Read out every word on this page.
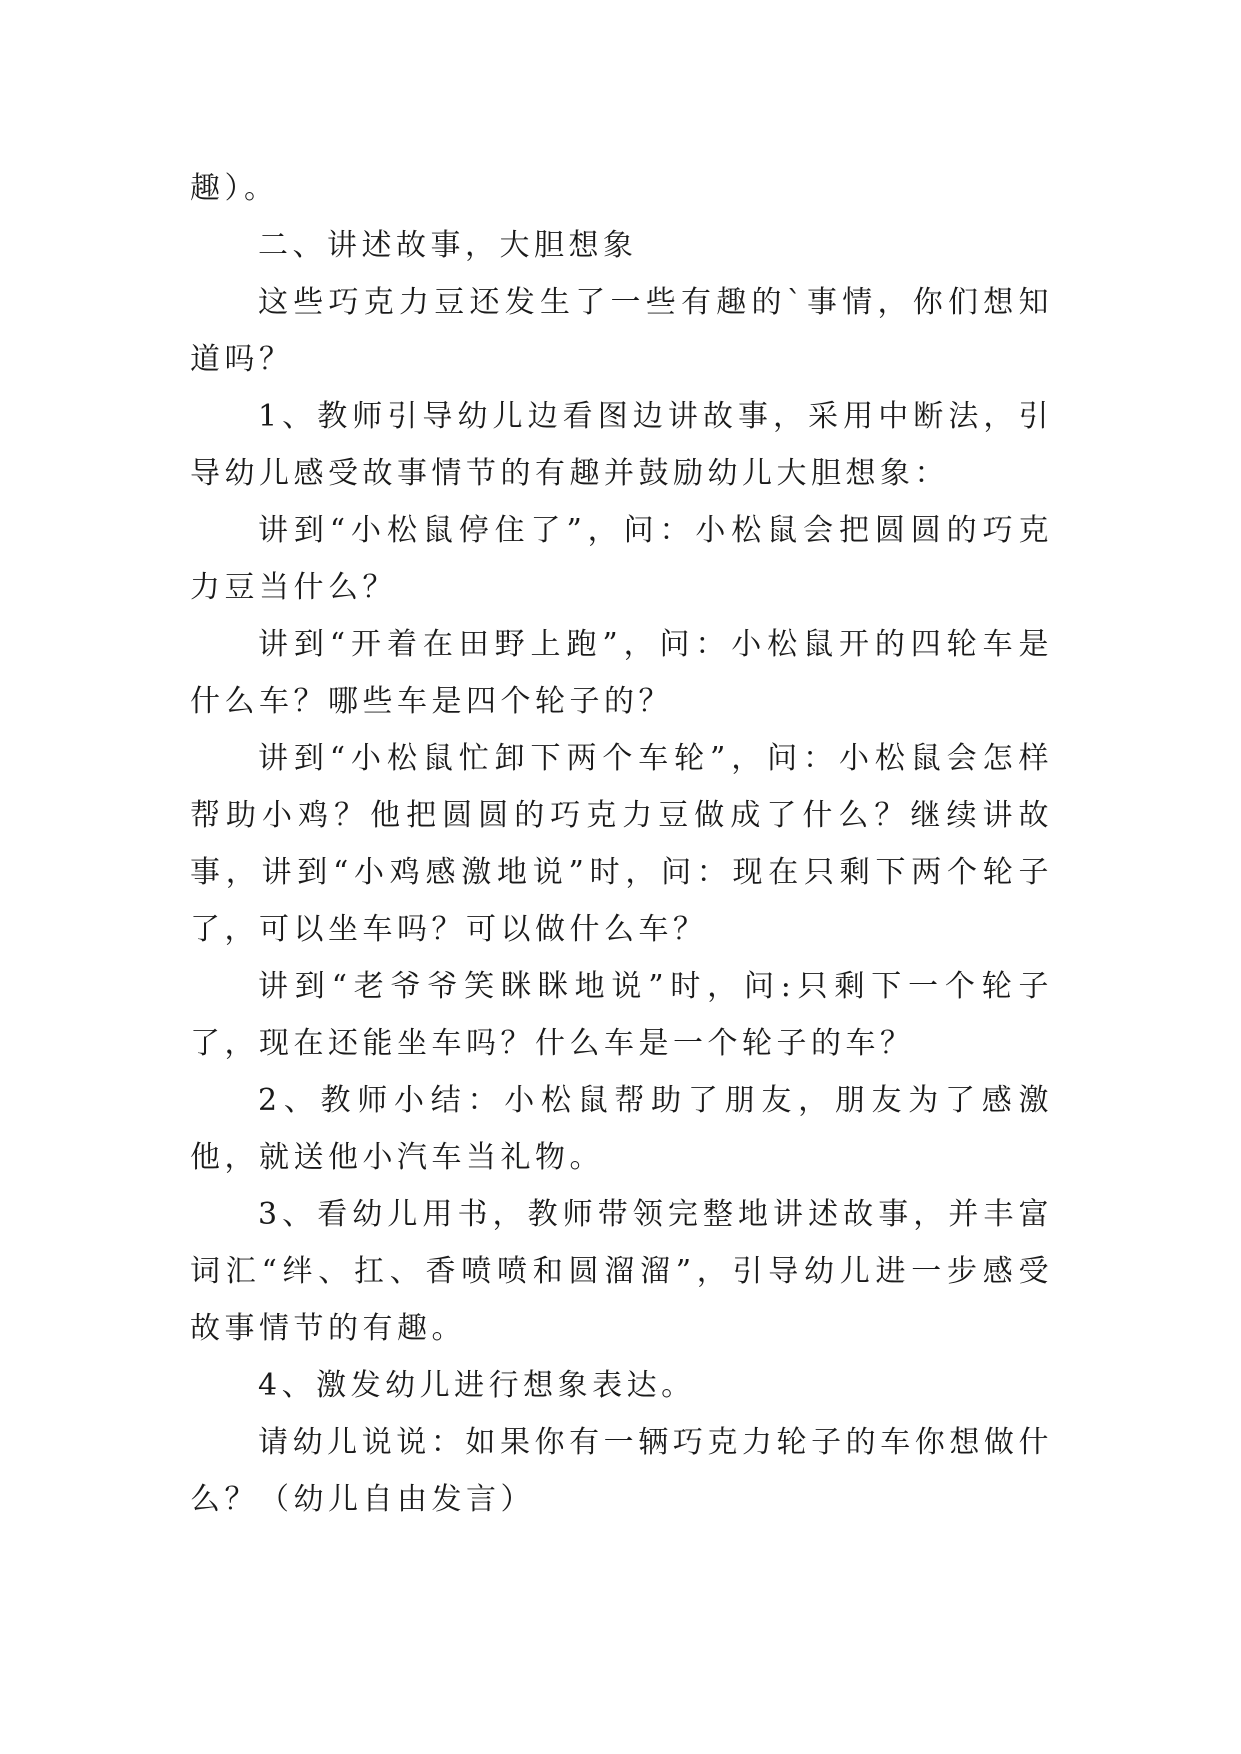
趣）。

二、讲述故事，大胆想象

这些巧克力豆还发生了一些有趣的`事情，你们想知道吗？

1、教师引导幼儿边看图边讲故事，采用中断法，引导幼儿感受故事情节的有趣并鼓励幼儿大胆想象：

讲到“小松鼠停住了”，问：小松鼠会把圆圆的巧克力豆当什么？

讲到“开着在田野上跑”，问：小松鼠开的四轮车是什么车？哪些车是四个轮子的？

讲到“小松鼠忙卸下两个车轮”，问：小松鼠会怎样帮助小鸡？他把圆圆的巧克力豆做成了什么？继续讲故事，讲到“小鸡感激地说”时，问：现在只剩下两个轮子了，可以坐车吗？可以做什么车？

讲到“老爷爷笑眯眯地说”时，问:只剩下一个轮子了，现在还能坐车吗？什么车是一个轮子的车？

2、教师小结：小松鼠帮助了朋友，朋友为了感激他，就送他小汽车当礼物。

3、看幼儿用书，教师带领完整地讲述故事，并丰富词汇“绊、扛、香喷喷和圆溜溜”，引导幼儿进一步感受故事情节的有趣。

4、激发幼儿进行想象表达。

请幼儿说说：如果你有一辆巧克力轮子的车你想做什么？（幼儿自由发言）
